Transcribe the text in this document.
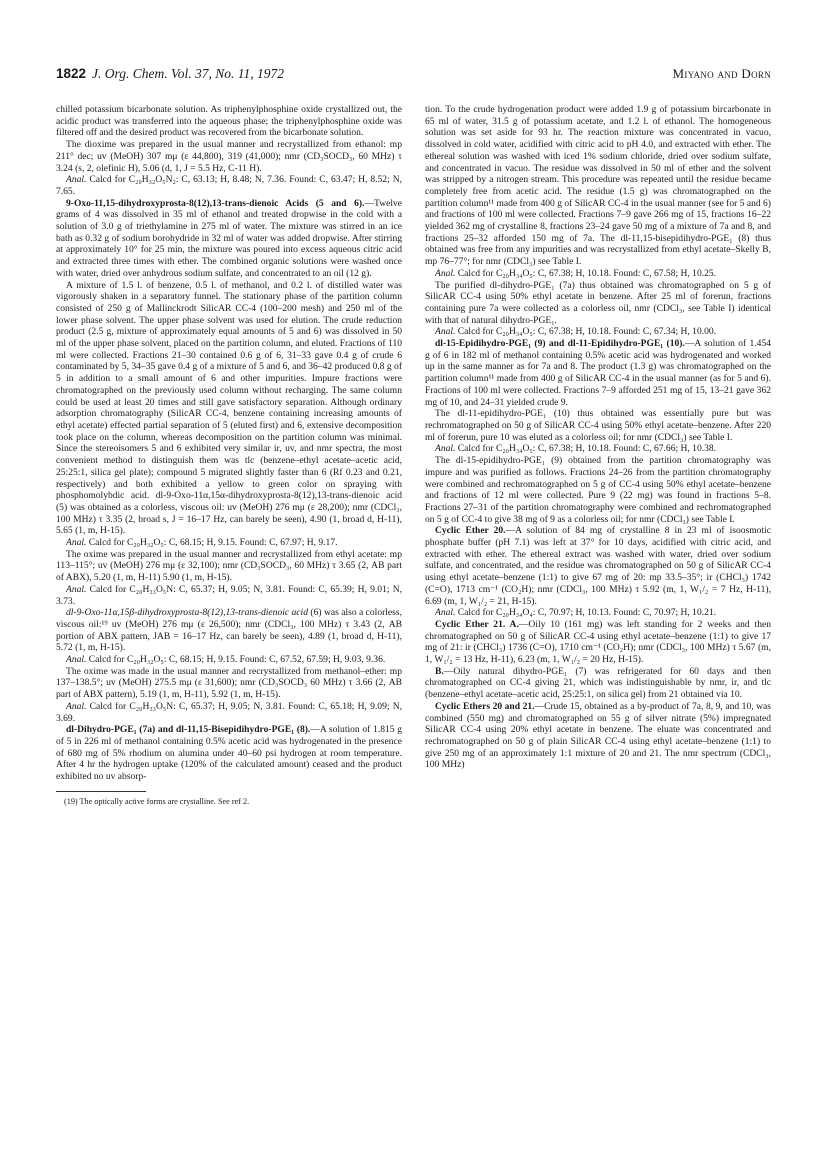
1822 J. Org. Chem. Vol. 37, No. 11, 1972	Miyano and Dorn

chilled potassium bicarbonate solution. As triphenylphosphine oxide crystallized out, the acidic product was transferred into the aqueous phase; the triphenylphosphine oxide was filtered off and the desired product was recovered from the bicarbonate solution.

The dioxime was prepared in the usual manner and recrystallized from ethanol: mp 211° dec; uv (MeOH) 307 mμ (ε 44,800), 319 (41,000); nmr (CD₃SOCD₃, 60 MHz) τ 3.24 (s, 2, olefinic H), 5.06 (d, 1, J = 5.5 Hz, C-11 H).

Anal. Calcd for C₂₀H₃₂O₅N₂: C, 63.13; H, 8.48; N, 7.36. Found: C, 63.47; H, 8.52; N, 7.65.

9-Oxo-11,15-dihydroxyprosta-8(12),13-trans-dienoic Acids (5 and 6).—Twelve grams of 4 was dissolved in 35 ml of ethanol and treated dropwise in the cold with a solution of 3.0 g of triethylamine in 275 ml of water. The mixture was stirred in an ice bath as 0.32 g of sodium borohydride in 32 ml of water was added dropwise. After stirring at approximately 10° for 25 min, the mixture was poured into excess aqueous citric acid and extracted three times with ether. The combined organic solutions were washed once with water, dried over anhydrous sodium sulfate, and concentrated to an oil (12 g).

A mixture of 1.5 l. of benzene, 0.5 l. of methanol, and 0.2 l. of distilled water was vigorously shaken in a separatory funnel. The stationary phase of the partition column consisted of 250 g of Mallinckrodt SilicAR CC-4 (100–200 mesh) and 250 ml of the lower phase solvent. The upper phase solvent was used for elution. The crude reduction product (2.5 g, mixture of approximately equal amounts of 5 and 6) was dissolved in 50 ml of the upper phase solvent, placed on the partition column, and eluted. Fractions of 110 ml were collected. Fractions 21–30 contained 0.6 g of 6, 31–33 gave 0.4 g of crude 6 contaminated by 5, 34–35 gave 0.4 g of a mixture of 5 and 6, and 36–42 produced 0.8 g of 5 in addition to a small amount of 6 and other impurities. Impure fractions were chromatographed on the previously used column without recharging. The same column could be used at least 20 times and still gave satisfactory separation. Although ordinary adsorption chromatography (SilicAR CC-4, benzene containing increasing amounts of ethyl acetate) effected partial separation of 5 (eluted first) and 6, extensive decomposition took place on the column, whereas decomposition on the partition column was minimal. Since the stereoisomers 5 and 6 exhibited very similar ir, uv, and nmr spectra, the most convenient method to distinguish them was tlc (benzene–ethyl acetate–acetic acid, 25:25:1, silica gel plate); compound 5 migrated slightly faster than 6 (Rf 0.23 and 0.21, respectively) and both exhibited a yellow to green color on spraying with phosphomolybdic acid. dl-9-Oxo-11α,15α-dihydroxyprosta-8(12),13-trans-dienoic acid (5) was obtained as a colorless, viscous oil: uv (MeOH) 276 mμ (ε 28,200); nmr (CDCl₃, 100 MHz) τ 3.35 (2, broad s, J = 16–17 Hz, can barely be seen), 4.90 (1, broad d, H-11), 5.65 (1, m, H-15).

Anal. Calcd for C₂₀H₃₂O₅: C, 68.15; H, 9.15. Found: C, 67.97; H, 9.17.

The oxime was prepared in the usual manner and recrystallized from ethyl acetate: mp 113–115°; uv (MeOH) 276 mμ (ε 32,100); nmr (CD₃SOCD₃, 60 MHz) τ 3.65 (2, AB part of ABX), 5.20 (1, m, H-11) 5.90 (1, m, H-15).

Anal. Calcd for C₂₀H₃₃O₅N: C, 65.37; H, 9.05; N, 3.81. Found: C, 65.39; H, 9.01; N, 3.73.

dl-9-Oxo-11α,15β-dihydroxyprosta-8(12),13-trans-dienoic acid (6) was also a colorless, viscous oil:¹⁹ uv (MeOH) 276 mμ (ε 26,500); nmr (CDCl₃, 100 MHz) τ 3.43 (2, AB portion of ABX pattern, JAB = 16–17 Hz, can barely be seen), 4.89 (1, broad d, H-11), 5.72 (1, m, H-15).

Anal. Calcd for C₂₀H₃₂O₅: C, 68.15; H, 9.15. Found: C, 67.52, 67.59; H, 9.03, 9.36.

The oxime was made in the usual manner and recrystallized from methanol–ether: mp 137–138.5°; uv (MeOH) 275.5 mμ (ε 31,600); nmr (CD₃SOCD₃ 60 MHz) τ 3.66 (2, AB part of ABX pattern), 5.19 (1, m, H-11), 5.92 (1, m, H-15).

Anal. Calcd for C₂₀H₃₃O₅N: C, 65.37; H, 9.05; N, 3.81. Found: C, 65.18; H, 9.09; N, 3.69.

dl-Dihydro-PGE₁ (7a) and dl-11,15-Bisepidihydro-PGE₁ (8).—A solution of 1.815 g of 5 in 226 ml of methanol containing 0.5% acetic acid was hydrogenated in the presence of 680 mg of 5% rhodium on alumina under 40–60 psi hydrogen at room temperature. After 4 hr the hydrogen uptake (120% of the calculated amount) ceased and the product exhibited no uv absorp-

(19) The optically active forms are crystalline. See ref 2.

tion. To the crude hydrogenation product were added 1.9 g of potassium bircarbonate in 65 ml of water, 31.5 g of potassium acetate, and 1.2 l. of ethanol. The homogeneous solution was set aside for 93 hr. The reaction mixture was concentrated in vacuo, dissolved in cold water, acidified with citric acid to pH 4.0, and extracted with ether. The ethereal solution was washed with iced 1% sodium chloride, dried over sodium sulfate, and concentrated in vacuo. The residue was dissolved in 50 ml of ether and the solvent was stripped by a nitrogen stream. This procedure was repeated until the residue became completely free from acetic acid. The residue (1.5 g) was chromatographed on the partition column¹¹ made from 400 g of SilicAR CC-4 in the usual manner (see for 5 and 6) and fractions of 100 ml were collected. Fractions 7–9 gave 266 mg of 15, fractions 16–22 yielded 362 mg of crystalline 8, fractions 23–24 gave 50 mg of a mixture of 7a and 8, and fractions 25–32 afforded 150 mg of 7a. The dl-11,15-bisepidihydro-PGE₁ (8) thus obtained was free from any impurities and was recrystallized from ethyl acetate–Skelly B, mp 76–77°; for nmr (CDCl₃) see Table I.

Anal. Calcd for C₂₀H₃₄O₅: C, 67.38; H, 10.18. Found: C, 67.58; H, 10.25.

The purified dl-dihydro-PGE₁ (7a) thus obtained was chromatographed on 5 g of SilicAR CC-4 using 50% ethyl acetate in benzene. After 25 ml of forerun, fractions containing pure 7a were collected as a colorless oil, nmr (CDCl₃, see Table I) identical with that of natural dihydro-PGE₁.

Anal. Calcd for C₂₀H₃₄O₅: C, 67.38; H, 10.18. Found: C, 67.34; H, 10.00.

dl-15-Epidihydro-PGE₁ (9) and dl-11-Epidihydro-PGE₁ (10).—A solution of 1.454 g of 6 in 182 ml of methanol containing 0.5% acetic acid was hydrogenated and worked up in the same manner as for 7a and 8. The product (1.3 g) was chromatographed on the partition column¹¹ made from 400 g of SilicAR CC-4 in the usual manner (as for 5 and 6). Fractions of 100 ml were collected. Fractions 7–9 afforded 251 mg of 15, 13–21 gave 362 mg of 10, and 24–31 yielded crude 9.

The dl-11-epidihydro-PGE₁ (10) thus obtained was essentially pure but was rechromatographed on 50 g of SilicAR CC-4 using 50% ethyl acetate–benzene. After 220 ml of forerun, pure 10 was eluted as a colorless oil; for nmr (CDCl₃) see Table I.

Anal. Calcd for C₂₀H₃₄O₅: C, 67.38; H, 10.18. Found: C, 67.66; H, 10.38.

The dl-15-epidihydro-PGE₁ (9) obtained from the partition chromatography was impure and was purified as follows. Fractions 24–26 from the partition chromatography were combined and rechromatographed on 5 g of CC-4 using 50% ethyl acetate–benzene and fractions of 12 ml were collected. Pure 9 (22 mg) was found in fractions 5–8. Fractions 27–31 of the partition chromatography were combined and rechromatographed on 5 g of CC-4 to give 38 mg of 9 as a colorless oil; for nmr (CDCl₃) see Table I.

Cyclic Ether 20.—A solution of 84 mg of crystalline 8 in 23 ml of isoosmotic phosphate buffer (pH 7.1) was left at 37° for 10 days, acidified with citric acid, and extracted with ether. The ethereal extract was washed with water, dried over sodium sulfate, and concentrated, and the residue was chromatographed on 50 g of SilicAR CC-4 using ethyl acetate–benzene (1:1) to give 67 mg of 20: mp 33.5–35°; ir (CHCl₃) 1742 (C=O), 1713 cm⁻¹ (CO₂H); nmr (CDCl₃, 100 MHz) τ 5.92 (m, 1, W₁/₂ = 7 Hz, H-11), 6.69 (m, 1, W₁/₂ = 21, H-15).

Anal. Calcd for C₂₀H₃₄O₄: C, 70.97; H, 10.13. Found: C, 70.97; H, 10.21.

Cyclic Ether 21. A.—Oily 10 (161 mg) was left standing for 2 weeks and then chromatographed on 50 g of SilicAR CC-4 using ethyl acetate–benzene (1:1) to give 17 mg of 21: ir (CHCl₃) 1736 (C=O), 1710 cm⁻¹ (CO₂H); nmr (CDCl₃, 100 MHz) τ 5.67 (m, 1, W₁/₂ = 13 Hz, H-11), 6.23 (m, 1, W₁/₂ = 20 Hz, H-15).

B.—Oily natural dihydro-PGE₁ (7) was refrigerated for 60 days and then chromatographed on CC-4 giving 21, which was indistinguishable by nmr, ir, and tlc (benzene–ethyl acetate–acetic acid, 25:25:1, on silica gel) from 21 obtained via 10.

Cyclic Ethers 20 and 21.—Crude 15, obtained as a by-product of 7a, 8, 9, and 10, was combined (550 mg) and chromatographed on 55 g of silver nitrate (5%) impregnated SilicAR CC-4 using 20% ethyl acetate in benzene. The eluate was concentrated and rechromatographed on 50 g of plain SilicAR CC-4 using ethyl acetate–benzene (1:1) to give 250 mg of an approximately 1:1 mixture of 20 and 21. The nmr spectrum (CDCl₃, 100 MHz)
